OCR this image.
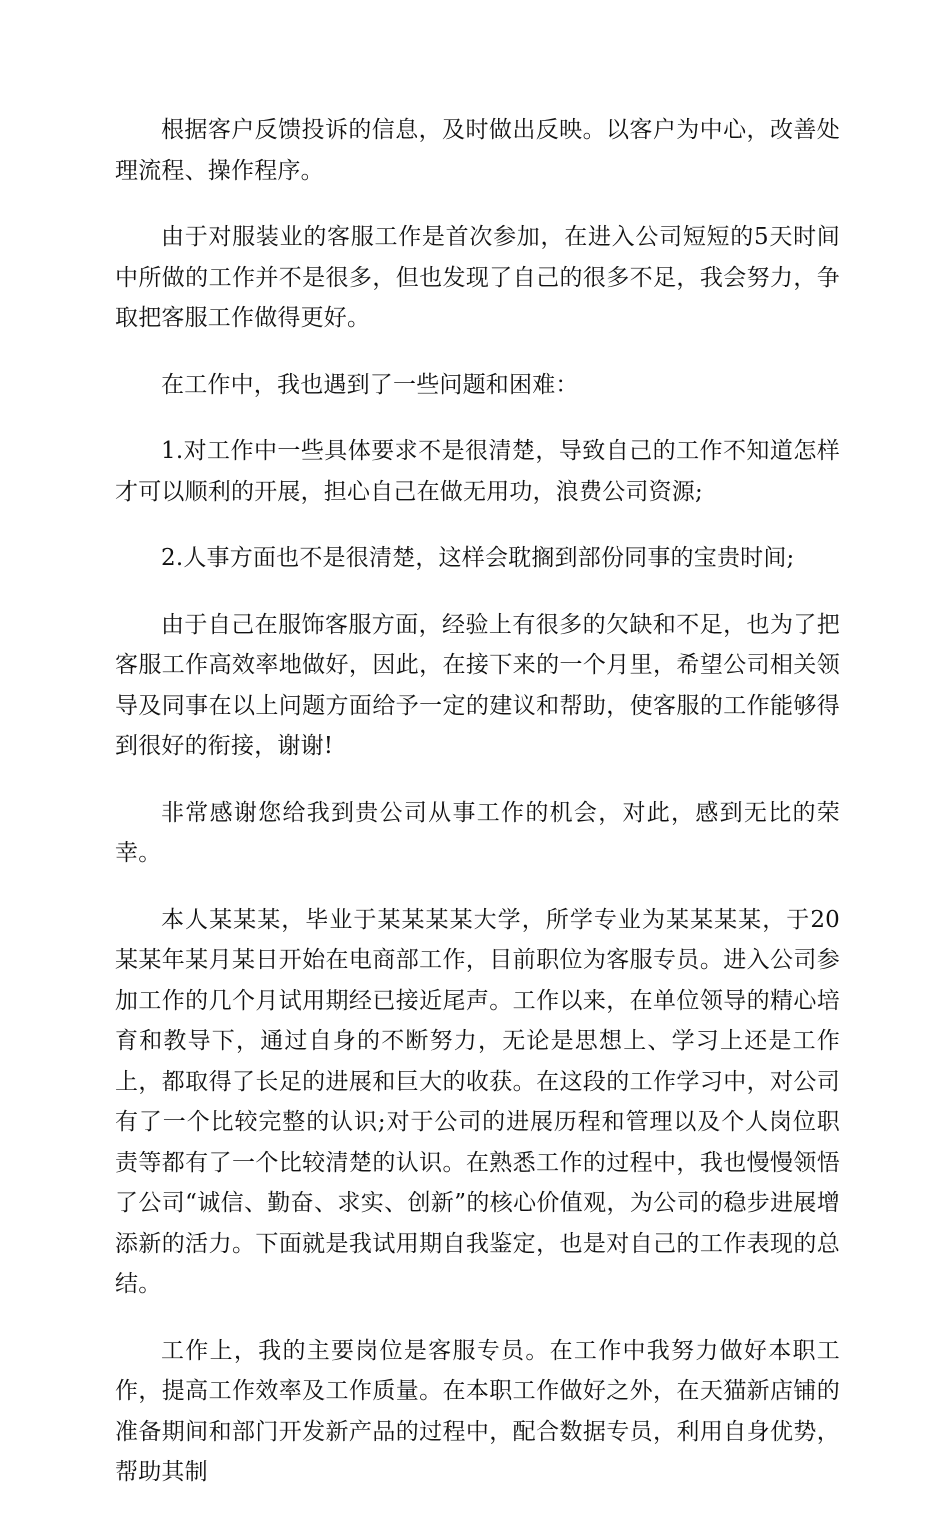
根据客户反馈投诉的信息，及时做出反映。以客户为中心，改善处理流程、操作程序。

由于对服装业的客服工作是首次参加，在进入公司短短的5天时间中所做的工作并不是很多，但也发现了自己的很多不足，我会努力，争取把客服工作做得更好。

在工作中，我也遇到了一些问题和困难：

1.对工作中一些具体要求不是很清楚，导致自己的工作不知道怎样才可以顺利的开展，担心自己在做无用功，浪费公司资源;

2.人事方面也不是很清楚，这样会耽搁到部份同事的宝贵时间;

由于自己在服饰客服方面，经验上有很多的欠缺和不足，也为了把客服工作高效率地做好，因此，在接下来的一个月里，希望公司相关领导及同事在以上问题方面给予一定的建议和帮助，使客服的工作能够得到很好的衔接，谢谢!

非常感谢您给我到贵公司从事工作的机会，对此，感到无比的荣幸。

本人某某某，毕业于某某某某大学，所学专业为某某某某，于20某某年某月某日开始在电商部工作，目前职位为客服专员。进入公司参加工作的几个月试用期经已接近尾声。工作以来，在单位领导的精心培育和教导下，通过自身的不断努力，无论是思想上、学习上还是工作上，都取得了长足的进展和巨大的收获。在这段的工作学习中，对公司有了一个比较完整的认识;对于公司的进展历程和管理以及个人岗位职责等都有了一个比较清楚的认识。在熟悉工作的过程中，我也慢慢领悟了公司“诚信、勤奋、求实、创新”的核心价值观，为公司的稳步进展增添新的活力。下面就是我试用期自我鉴定，也是对自己的工作表现的总结。

工作上，我的主要岗位是客服专员。在工作中我努力做好本职工作，提高工作效率及工作质量。在本职工作做好之外，在天猫新店铺的准备期间和部门开发新产品的过程中，配合数据专员，利用自身优势，帮助其制
